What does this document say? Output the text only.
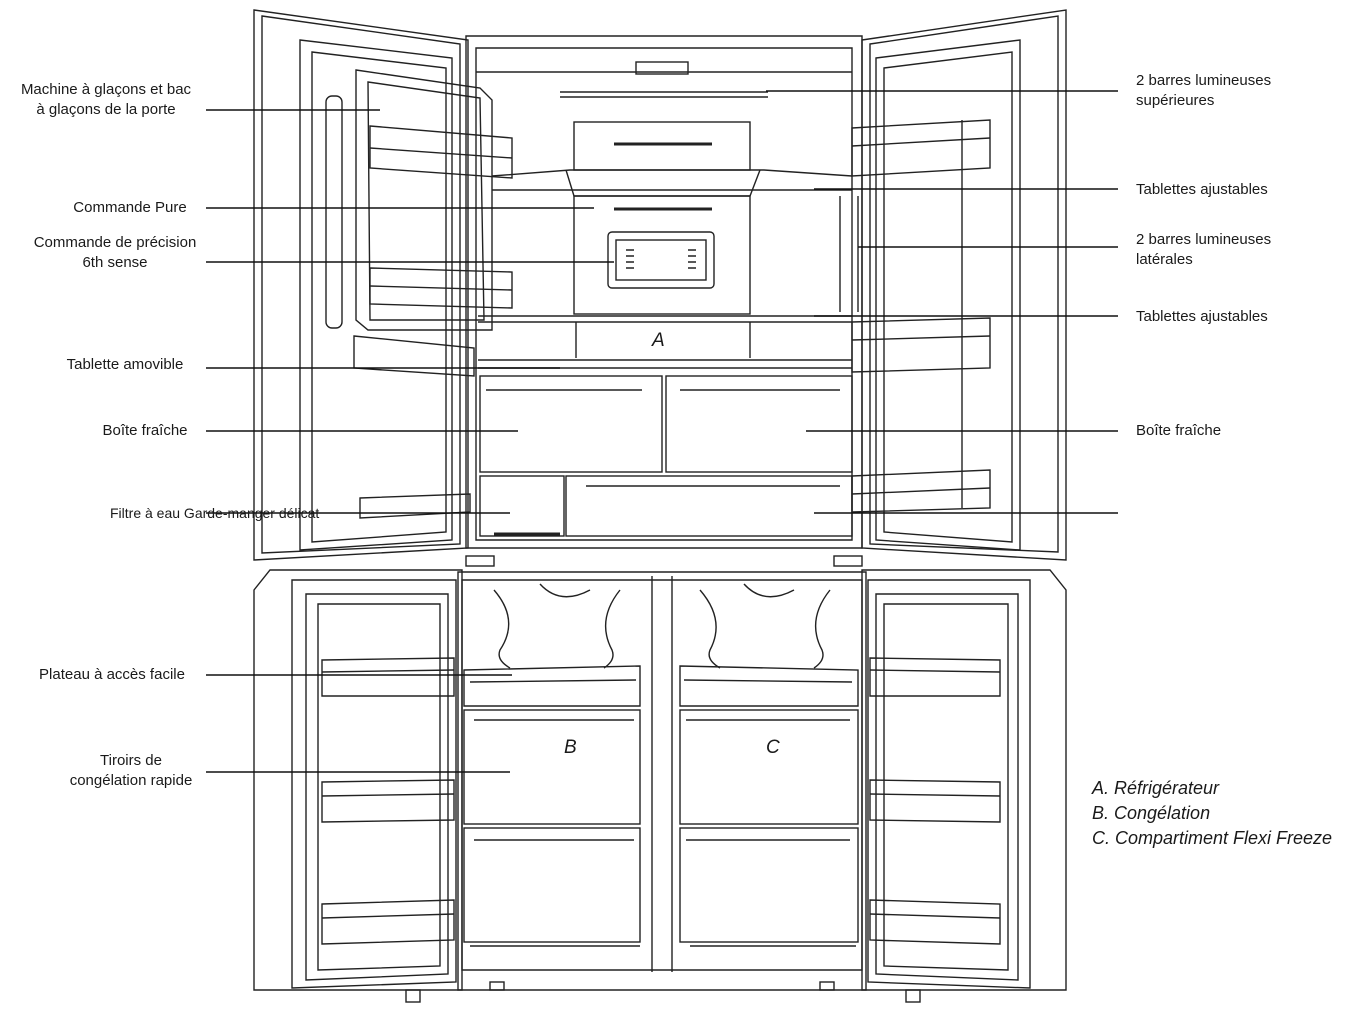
Machine à glaçons et bac
à glaçons de la porte
Commande Pure
Commande de précision
6th sense
Tablette amovible
Boîte fraîche
Filtre à eau Garde-manger délicat
Plateau à accès facile
Tiroirs de
congélation rapide
2 barres lumineuses
supérieures
Tablettes ajustables
2 barres lumineuses
latérales
Tablettes ajustables
Boîte fraîche
A
B	C
A. Réfrigérateur
B. Congélation
C. Compartiment Flexi Freeze
